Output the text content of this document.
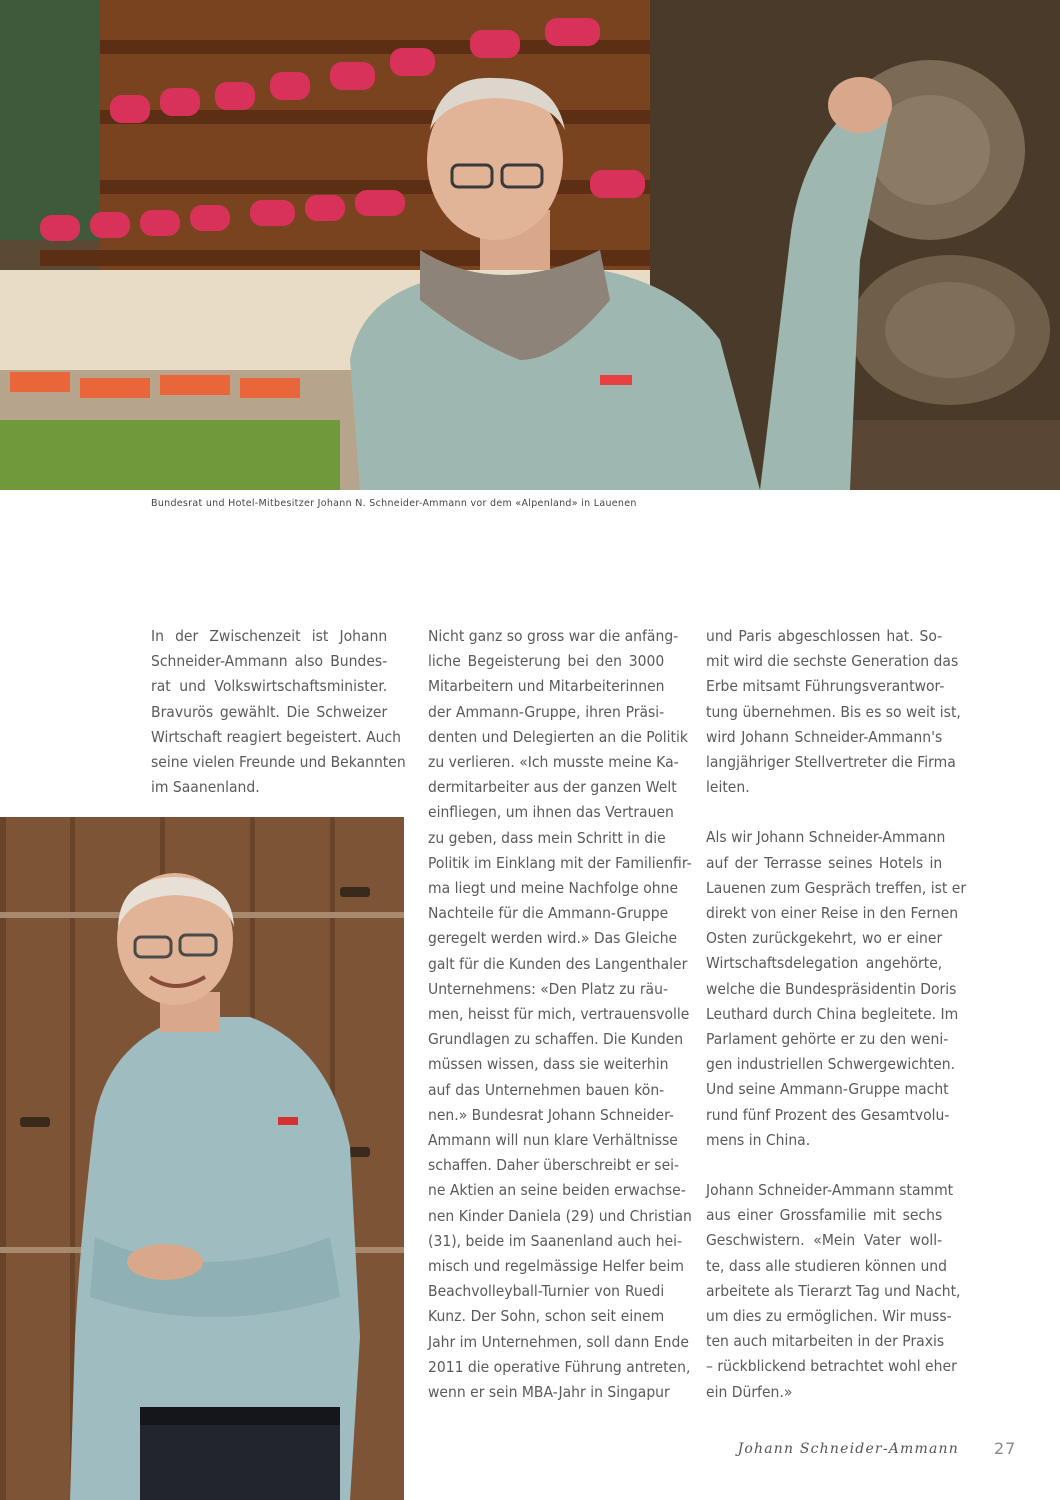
Bundesrat und Hotel-Mitbesitzer Johann N. Schneider-Ammann vor dem «Alpenland» in Lauenen

In der Zwischenzeit ist Johann
Schneider-Ammann also Bundes-
rat und Volkswirtschaftsminister.
Bravurös gewählt. Die Schweizer
Wirtschaft reagiert begeistert. Auch
seine vielen Freunde und Bekannten
im Saanenland.

Nicht ganz so gross war die anfäng-
liche Begeisterung bei den 3000
Mitarbeitern und Mitarbeiterinnen
der Ammann-Gruppe, ihren Präsi-
denten und Delegierten an die Politik
zu verlieren. «Ich musste meine Ka-
dermitarbeiter aus der ganzen Welt
einfliegen, um ihnen das Vertrauen
zu geben, dass mein Schritt in die
Politik im Einklang mit der Familienfir-
ma liegt und meine Nachfolge ohne
Nachteile für die Ammann-Gruppe
geregelt werden wird.» Das Gleiche
galt für die Kunden des Langenthaler
Unternehmens: «Den Platz zu räu-
men, heisst für mich, vertrauensvolle
Grundlagen zu schaffen. Die Kunden
müssen wissen, dass sie weiterhin
auf das Unternehmen bauen kön-
nen.» Bundesrat Johann Schneider-
Ammann will nun klare Verhältnisse
schaffen. Daher überschreibt er sei-
ne Aktien an seine beiden erwachse-
nen Kinder Daniela (29) und Christian
(31), beide im Saanenland auch hei-
misch und regelmässige Helfer beim
Beachvolleyball-Turnier von Ruedi
Kunz. Der Sohn, schon seit einem
Jahr im Unternehmen, soll dann Ende
2011 die operative Führung antreten,
wenn er sein MBA-Jahr in Singapur

und Paris abgeschlossen hat. So-
mit wird die sechste Generation das
Erbe mitsamt Führungsverantwor-
tung übernehmen. Bis es so weit ist,
wird Johann Schneider-Ammann's
langjähriger Stellvertreter die Firma
leiten.

Als wir Johann Schneider-Ammann
auf der Terrasse seines Hotels in
Lauenen zum Gespräch treffen, ist er
direkt von einer Reise in den Fernen
Osten zurückgekehrt, wo er einer
Wirtschaftsdelegation angehörte,
welche die Bundespräsidentin Doris
Leuthard durch China begleitete. Im
Parlament gehörte er zu den weni-
gen industriellen Schwergewichten.
Und seine Ammann-Gruppe macht
rund fünf Prozent des Gesamtvolu-
mens in China.

Johann Schneider-Ammann stammt
aus einer Grossfamilie mit sechs
Geschwistern. «Mein Vater woll-
te, dass alle studieren können und
arbeitete als Tierarzt Tag und Nacht,
um dies zu ermöglichen. Wir muss-
ten auch mitarbeiten in der Praxis
– rückblickend betrachtet wohl eher
ein Dürfen.»

Johann Schneider-Ammann 27
